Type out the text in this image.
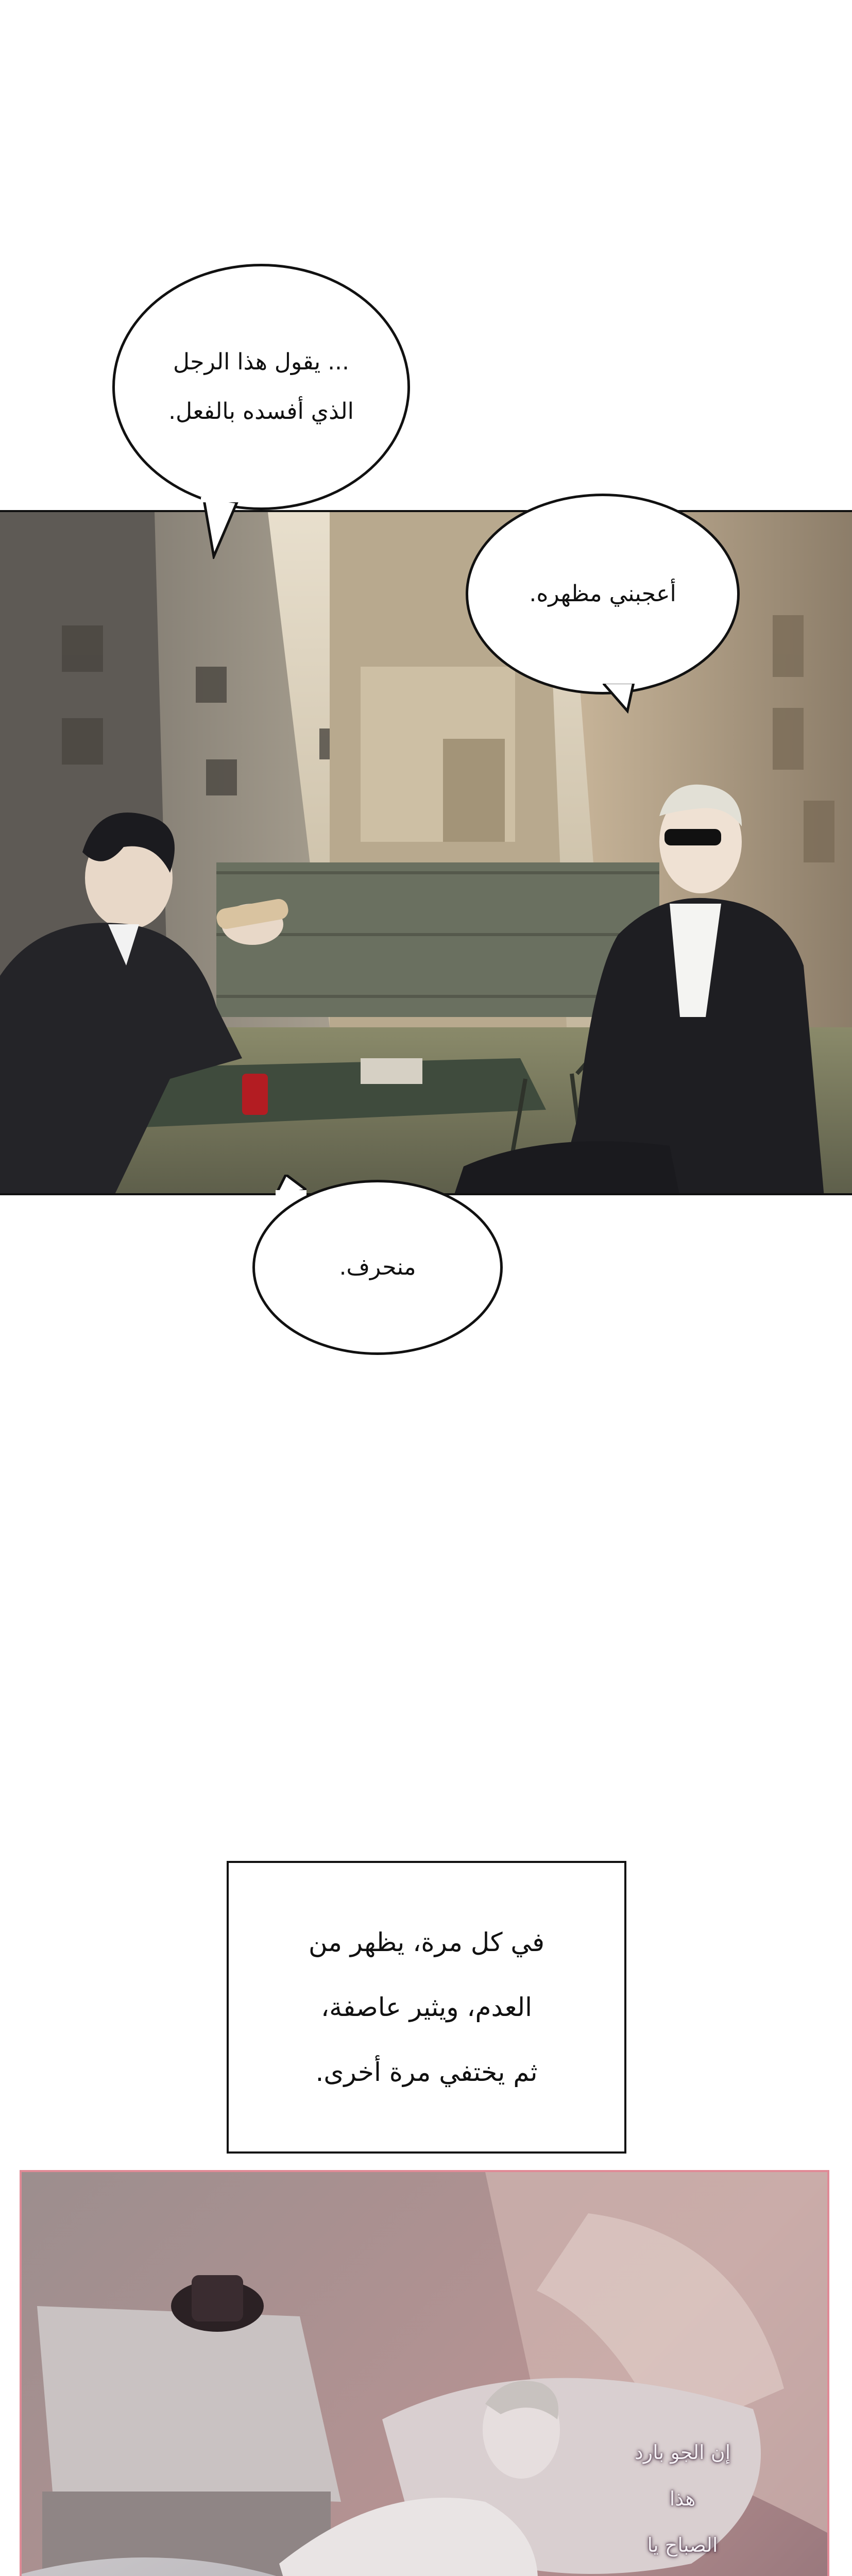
... يقول هذا الرجل
الذي أفسده بالفعل.
أعجبني مظهره.
منحرف.
في كل مرة، يظهر من
العدم، ويثير عاصفة،
ثم يختفي مرة أخرى.
إن الجو بارد هذا
الصباح يا
